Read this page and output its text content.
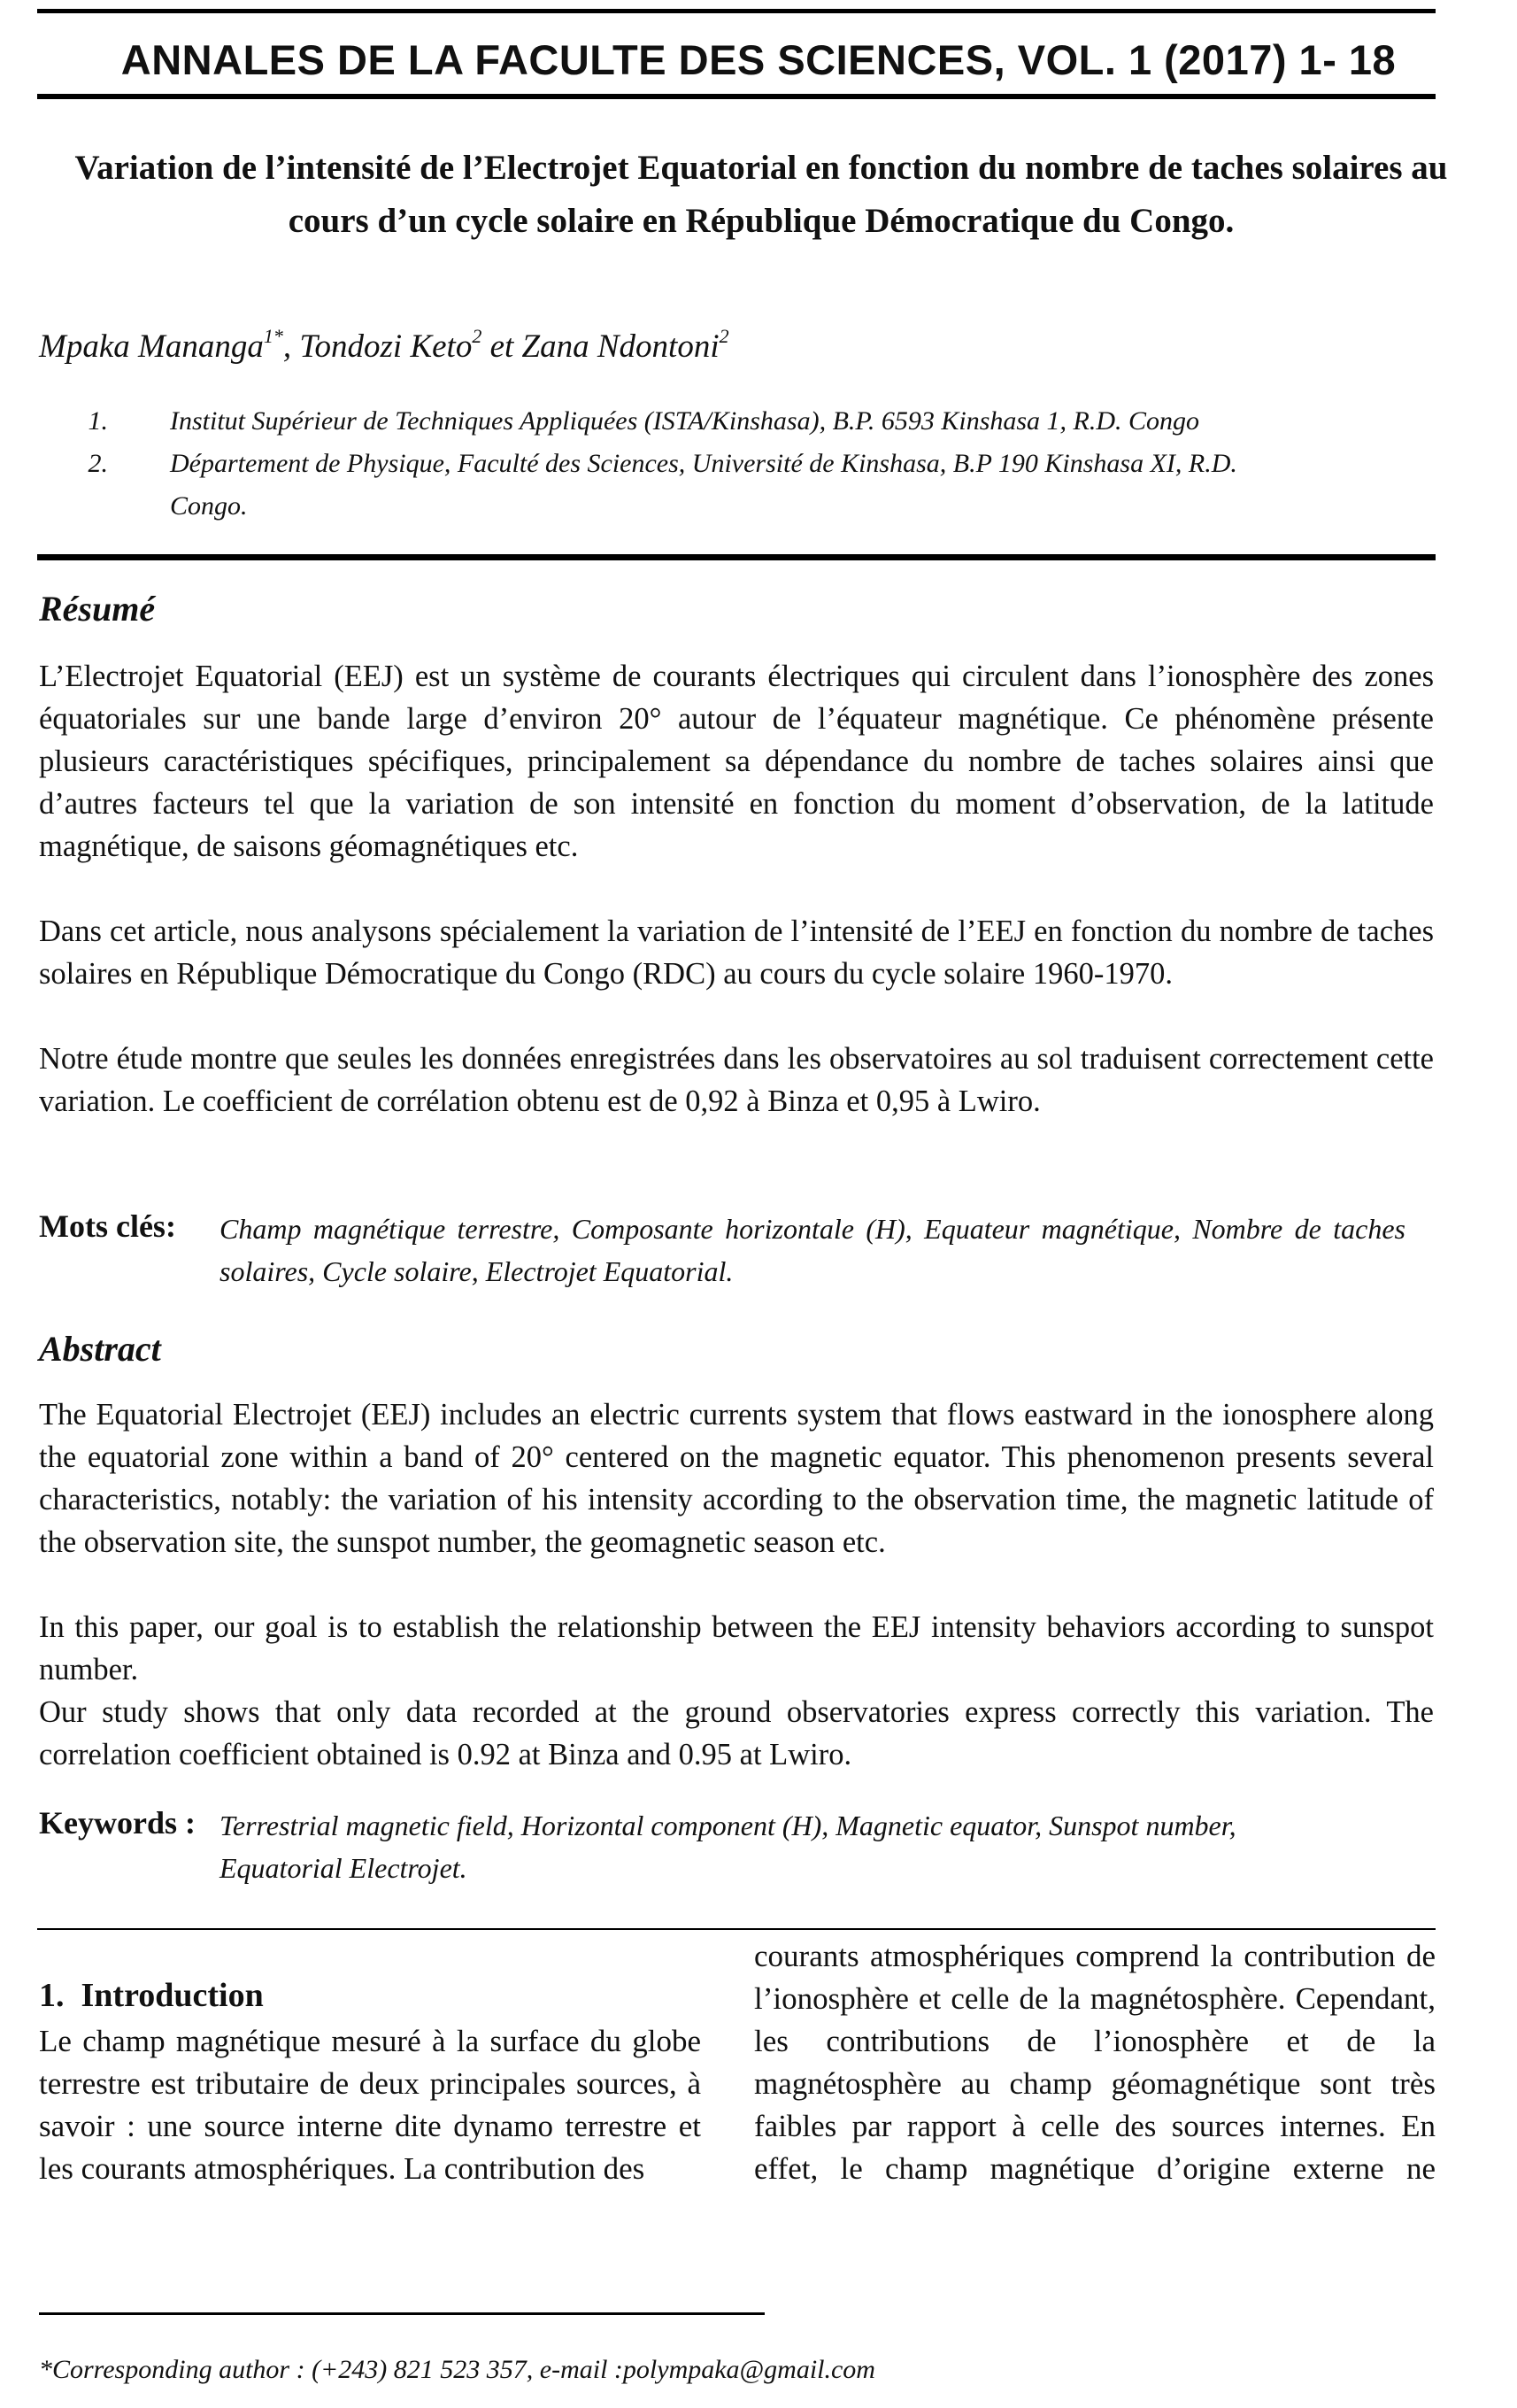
ANNALES DE LA FACULTE DES SCIENCES, VOL. 1 (2017) 1- 18
Variation de l’intensité de l’Electrojet Equatorial en fonction du nombre de taches solaires au cours d’un cycle solaire en République Démocratique du Congo.
Mpaka Mananga$^{1*}$, Tondozi Keto$^2$ et Zana Ndontoni$^2$
1. Institut Supérieur de Techniques Appliquées (ISTA/Kinshasa), B.P. 6593 Kinshasa 1, R.D. Congo
2. Département de Physique, Faculté des Sciences, Université de Kinshasa, B.P 190 Kinshasa XI, R.D.
Congo.
Résumé
L’Electrojet Equatorial (EEJ) est un système de courants électriques qui circulent dans l’ionosphère des zones équatoriales sur une bande large d’environ 20° autour de l’équateur magnétique. Ce phénomène présente plusieurs caractéristiques spécifiques, principalement sa dépendance du nombre de taches solaires ainsi que d’autres facteurs tel que la variation de son intensité en fonction du moment d’observation, de la latitude magnétique, de saisons géomagnétiques etc.
Dans cet article, nous analysons spécialement la variation de l’intensité de l’EEJ en fonction du nombre de taches solaires en République Démocratique du Congo (RDC) au cours du cycle solaire 1960-1970.
Notre étude montre que seules les données enregistrées dans les observatoires au sol traduisent correctement cette variation. Le coefficient de corrélation obtenu est de 0,92 à Binza et 0,95 à Lwiro.
Mots clés: Champ magnétique terrestre, Composante horizontale (H), Equateur magnétique, Nombre de taches solaires, Cycle solaire, Electrojet Equatorial.
Abstract
The Equatorial Electrojet (EEJ) includes an electric currents system that flows eastward in the ionosphere along the equatorial zone within a band of 20° centered on the magnetic equator. This phenomenon presents several characteristics, notably: the variation of his intensity according to the observation time, the magnetic latitude of the observation site, the sunspot number, the geomagnetic season etc.
In this paper, our goal is to establish the relationship between the EEJ intensity behaviors according to sunspot number.
Our study shows that only data recorded at the ground observatories express correctly this variation. The correlation coefficient obtained is 0.92 at Binza and 0.95 at Lwiro.
Keywords : Terrestrial magnetic field, Horizontal component (H), Magnetic equator, Sunspot number, Equatorial Electrojet.
1.  Introduction

Le champ magnétique mesuré à la surface du globe terrestre est tributaire de deux principales sources, à savoir : une source interne dite dynamo terrestre et les courants atmosphériques. La contribution des

courants atmosphériques comprend la contribution de l’ionosphère et celle de la magnétosphère. Cependant, les contributions de l’ionosphère et de la magnétosphère au champ géomagnétique sont très faibles par rapport à celle des sources internes. En effet, le champ magnétique d’origine externe ne

*Corresponding author : (+243) 821 523 357, e-mail :polympaka@gmail.com
